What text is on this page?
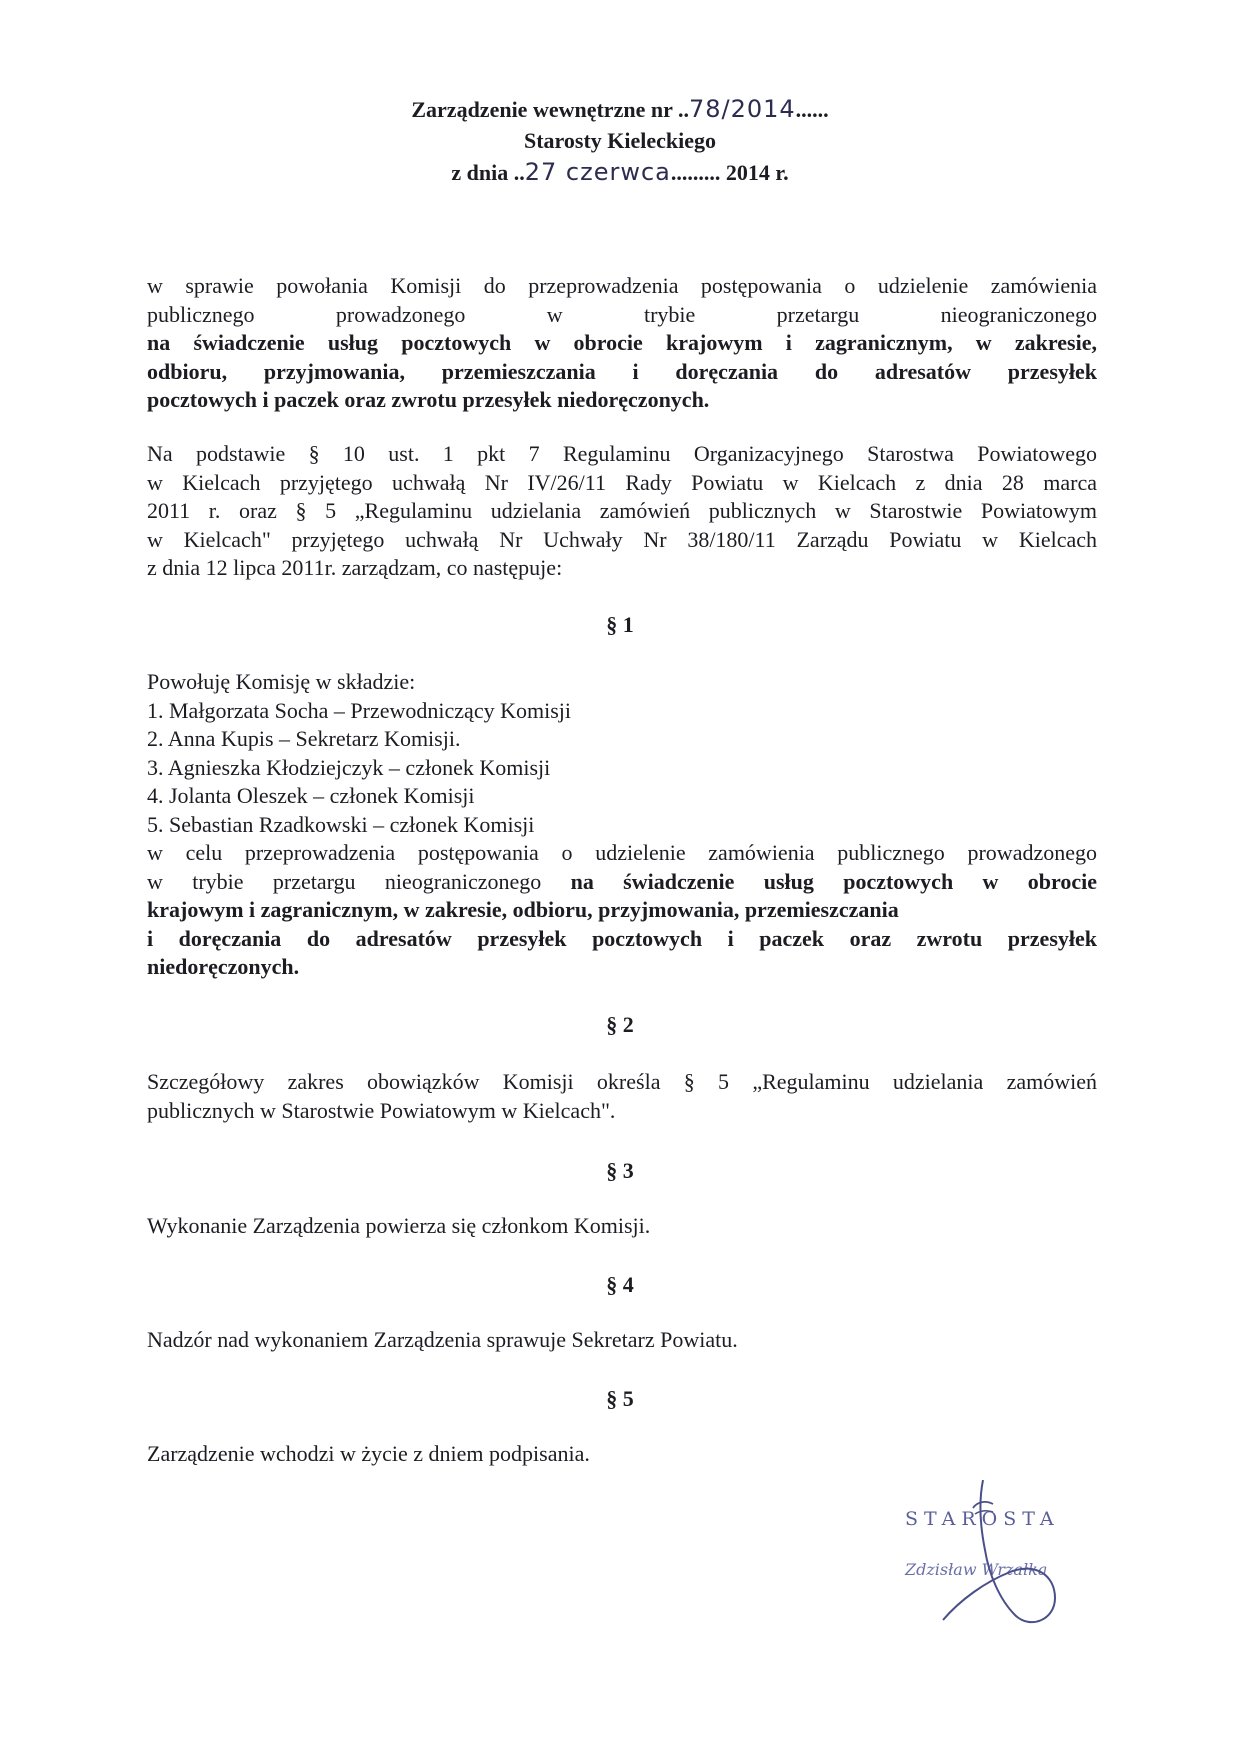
Zarządzenie wewnętrzne nr ..78/2014......
Starosty Kieleckiego
z dnia ..27 czerwca......... 2014 r.
w sprawie powołania Komisji do przeprowadzenia postępowania o udzielenie zamówienia
publicznego prowadzonego w trybie przetargu nieograniczonego
na świadczenie usług pocztowych w obrocie krajowym i zagranicznym, w zakresie,
odbioru, przyjmowania, przemieszczania i doręczania do adresatów przesyłek
pocztowych i paczek oraz zwrotu przesyłek niedoręczonych.
Na podstawie § 10 ust. 1 pkt 7 Regulaminu Organizacyjnego Starostwa Powiatowego
w Kielcach przyjętego uchwałą Nr IV/26/11 Rady Powiatu w Kielcach z dnia 28 marca
2011 r. oraz § 5 „Regulaminu udzielania zamówień publicznych w Starostwie Powiatowym
w Kielcach" przyjętego uchwałą Nr Uchwały Nr 38/180/11 Zarządu Powiatu w Kielcach
z dnia 12 lipca 2011r. zarządzam, co następuje:
§ 1
Powołuję Komisję w składzie:
1. Małgorzata Socha – Przewodniczący Komisji
2. Anna Kupis – Sekretarz Komisji.
3. Agnieszka Kłodziejczyk – członek Komisji
4. Jolanta Oleszek – członek Komisji
5. Sebastian Rzadkowski – członek Komisji
w celu przeprowadzenia postępowania o udzielenie zamówienia publicznego prowadzonego
w trybie przetargu nieograniczonego na świadczenie usług pocztowych w obrocie
krajowym i zagranicznym, w zakresie, odbioru, przyjmowania, przemieszczania
i doręczania do adresatów przesyłek pocztowych i paczek oraz zwrotu przesyłek
niedoręczonych.
§ 2
Szczegółowy zakres obowiązków Komisji określa § 5 „Regulaminu udzielania zamówień
publicznych w Starostwie Powiatowym w Kielcach".
§ 3
Wykonanie Zarządzenia powierza się członkom Komisji.
§ 4
Nadzór nad wykonaniem Zarządzenia sprawuje Sekretarz Powiatu.
§ 5
Zarządzenie wchodzi w życie z dniem podpisania.
STAROSTA
Zdzisław Wrzałka
